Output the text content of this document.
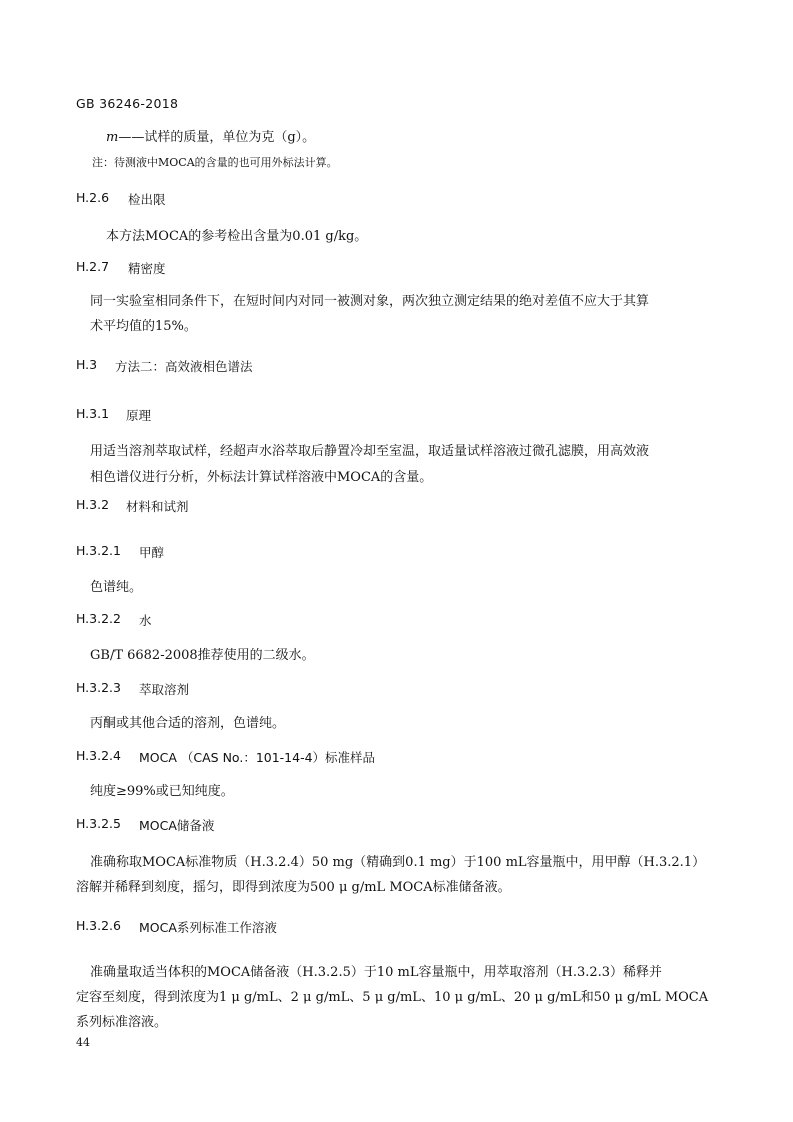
GB 36246-2018
m——试样的质量，单位为克（g）。
注：待测液中MOCA的含量的也可用外标法计算。
H.2.6 检出限
本方法MOCA的参考检出含量为0.01 g/kg。
H.2.7 精密度
同一实验室相同条件下，在短时间内对同一被测对象，两次独立测定结果的绝对差值不应大于其算
术平均值的15%。
H.3 方法二：高效液相色谱法
H.3.1 原理
用适当溶剂萃取试样，经超声水浴萃取后静置冷却至室温，取适量试样溶液过微孔滤膜，用高效液
相色谱仪进行分析，外标法计算试样溶液中MOCA的含量。
H.3.2 材料和试剂
H.3.2.1 甲醇
色谱纯。
H.3.2.2 水
GB/T 6682-2008推荐使用的二级水。
H.3.2.3 萃取溶剂
丙酮或其他合适的溶剂，色谱纯。
H.3.2.4 MOCA （CAS No.：101-14-4）标准样品
纯度≥99%或已知纯度。
H.3.2.5 MOCA储备液
准确称取MOCA标准物质（H.3.2.4）50 mg（精确到0.1 mg）于100 mL容量瓶中，用甲醇（H.3.2.1）
溶解并稀释到刻度，摇匀，即得到浓度为500 μ g/mL MOCA标准储备液。
H.3.2.6 MOCA系列标准工作溶液
准确量取适当体积的MOCA储备液（H.3.2.5）于10 mL容量瓶中，用萃取溶剂（H.3.2.3）稀释并
定容至刻度，得到浓度为1 μ g/mL、2 μ g/mL、5 μ g/mL、10 μ g/mL、20 μ g/mL和50 μ g/mL MOCA
系列标准溶液。
44
